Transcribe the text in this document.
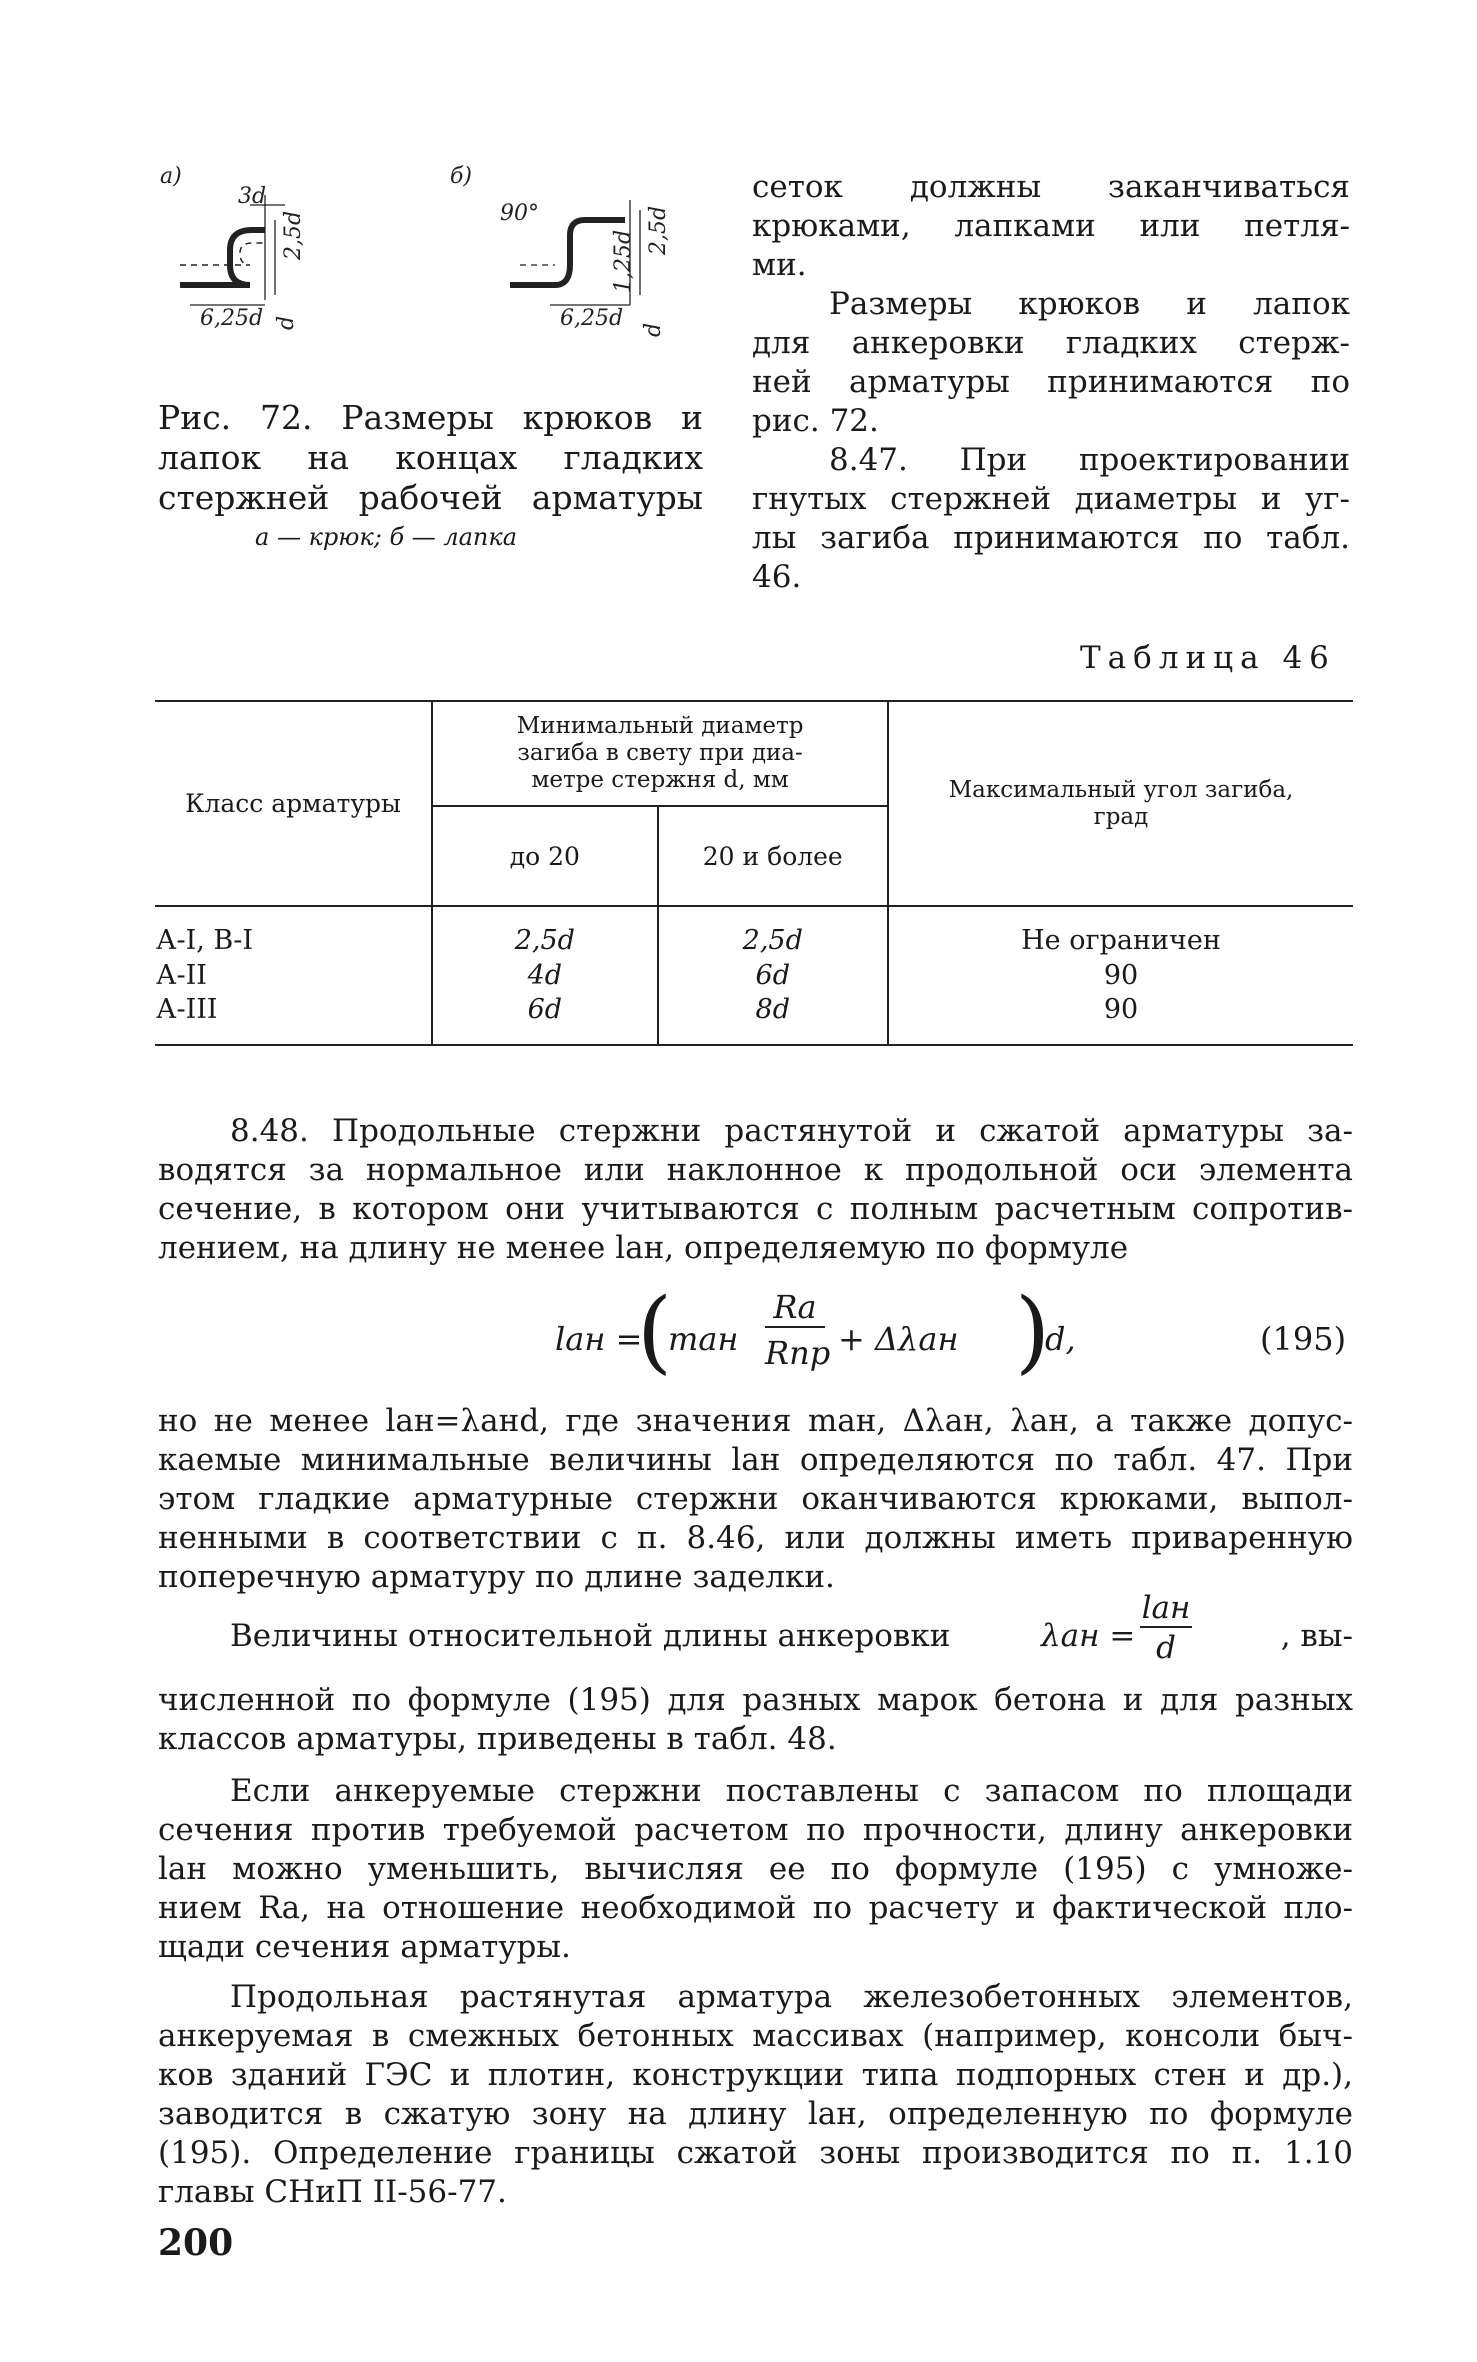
а)
3d
2,5d
6,25d d
б)
90°	2,5d
1,25d
6,25d d
Рис. 72. Размеры крюков и
лапок на концах гладких
стержней рабочей арматуры
а — крюк; б — лапка
сеток должны заканчиваться
крюками, лапками или петля-
ми.
Размеры крюков и лапок
для анкеровки гладких стерж-
ней арматуры принимаются по
рис. 72.
8.47. При проектировании
гнутых стержней диаметры и уг-
лы загиба принимаются по табл.
46.
Таблица 46
Класс арматуры	Минимальный диаметр
загиба в свету при диа-
метре стержня d, мм		Максимальный угол загиба,
град

	до 20	20 и более	
А-I, В-I	2,5d	2,5d	Не ограничен
А-II	4d	6d	90
А-III	6d	8d	90
8.48. Продольные стержни растянутой и сжатой арматуры за-
водятся за нормальное или наклонное к продольной оси элемента
сечение, в котором они учитываются с полным расчетным сопротив-
лением, на длину не менее lан, определяемую по формуле
lан =
(
mан
Rа
Rпр + Δλан )
d,	(195)
но не менее lан=λанd, где значения mан, Δλан, λан, а также допус-
каемые минимальные величины lан определяются по табл. 47. При
этом гладкие арматурные стержни оканчиваются крюками, выпол-
ненными в соответствии с п. 8.46, или должны иметь приваренную
поперечную арматуру по длине заделки.
Величины относительной длины анкеровки	λан =
lан
d	, вы-
численной по формуле (195) для разных марок бетона и для разных
классов арматуры, приведены в табл. 48.
Если анкеруемые стержни поставлены с запасом по площади
сечения против требуемой расчетом по прочности, длину анкеровки
lан можно уменьшить, вычисляя ее по формуле (195) с умноже-
нием Rа, на отношение необходимой по расчету и фактической пло-
щади сечения арматуры.
Продольная растянутая арматура железобетонных элементов,
анкеруемая в смежных бетонных массивах (например, консоли быч-
ков зданий ГЭС и плотин, конструкции типа подпорных стен и др.),
заводится в сжатую зону на длину lан, определенную по формуле
(195). Определение границы сжатой зоны производится по п. 1.10
главы СНиП II-56-77.
200
